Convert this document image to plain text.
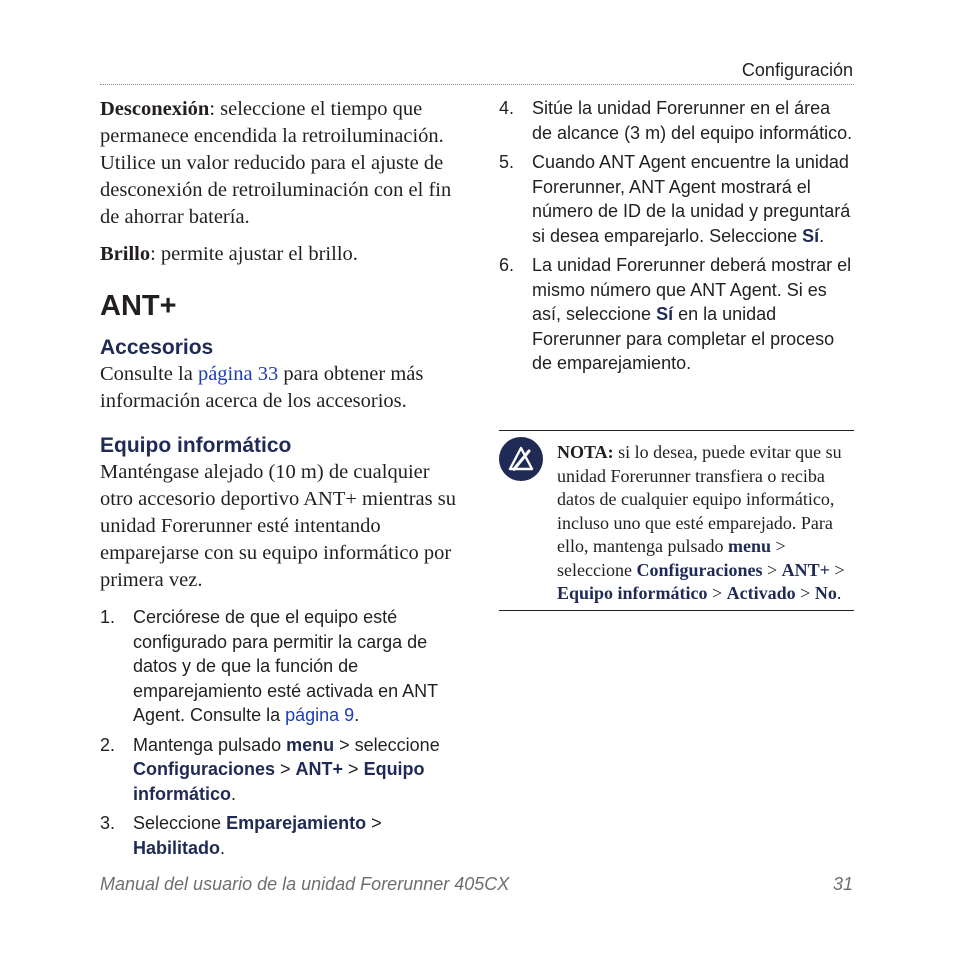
Configuración

Desconexión: seleccione el tiempo que permanece encendida la retroiluminación. Utilice un valor reducido para el ajuste de desconexión de retroiluminación con el fin de ahorrar batería.

Brillo: permite ajustar el brillo.

ANT+
Accesorios

Consulte la página 33 para obtener más información acerca de los accesorios.

Equipo informático

Manténgase alejado (10 m) de cualquier otro accesorio deportivo ANT+ mientras su unidad Forerunner esté intentando emparejarse con su equipo informático por primera vez.

1. Cerciórese de que el equipo esté configurado para permitir la carga de datos y de que la función de emparejamiento esté activada en ANT Agent. Consulte la página 9.
2. Mantenga pulsado menu > seleccione Configuraciones > ANT+ > Equipo informático.
3. Seleccione Emparejamiento > Habilitado.
4. Sitúe la unidad Forerunner en el área de alcance (3 m) del equipo informático.
5. Cuando ANT Agent encuentre la unidad Forerunner, ANT Agent mostrará el número de ID de la unidad y preguntará si desea emparejarlo. Seleccione Sí.
6. La unidad Forerunner deberá mostrar el mismo número que ANT Agent. Si es así, seleccione Sí en la unidad Forerunner para completar el proceso de emparejamiento.
NOTA: si lo desea, puede evitar que su unidad Forerunner transfiera o reciba datos de cualquier equipo informático, incluso uno que esté emparejado. Para ello, mantenga pulsado menu > seleccione Configuraciones > ANT+ > Equipo informático > Activado > No.
Manual del usuario de la unidad Forerunner 405CX	31
